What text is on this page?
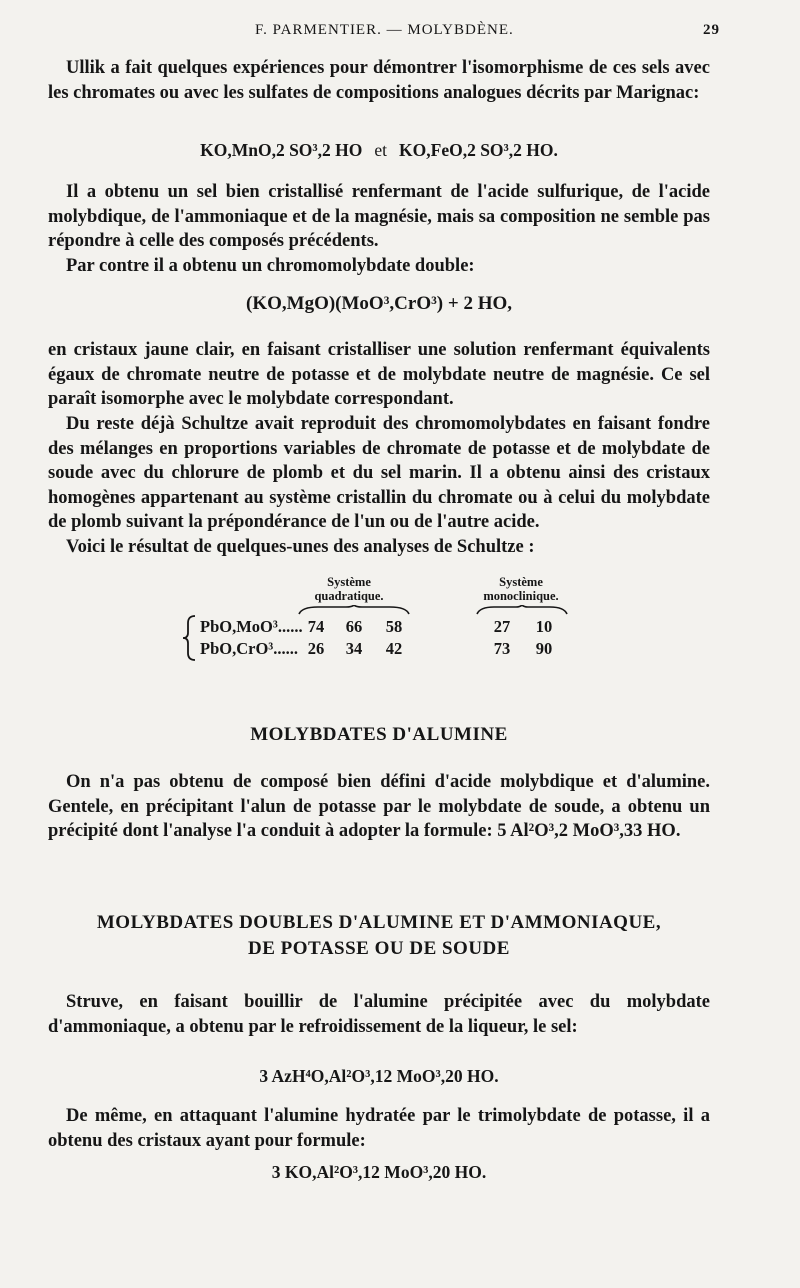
F. PARMENTIER. — MOLYBDÈNE.	29

Ullik a fait quelques expériences pour démontrer l'isomorphisme de ces sels avec les chromates ou avec les sulfates de compositions analogues décrits par Marignac:

KO,MnO,2 SO³,2 HO et KO,FeO,2 SO³,2 HO.

Il a obtenu un sel bien cristallisé renfermant de l'acide sulfurique, de l'acide molybdique, de l'ammoniaque et de la magnésie, mais sa composition ne semble pas répondre à celle des composés précédents.

Par contre il a obtenu un chromomolybdate double:

(KO,MgO)(MoO³,CrO³) + 2 HO,

en cristaux jaune clair, en faisant cristalliser une solution renfermant équivalents égaux de chromate neutre de potasse et de molybdate neutre de magnésie. Ce sel paraît isomorphe avec le molybdate correspondant.

Du reste déjà Schultze avait reproduit des chromomolybdates en faisant fondre des mélanges en proportions variables de chromate de potasse et de molybdate de soude avec du chlorure de plomb et du sel marin. Il a obtenu ainsi des cristaux homogènes appartenant au système cristallin du chromate ou à celui du molybdate de plomb suivant la prépondérance de l'un ou de l'autre acide.

Voici le résultat de quelques-unes des analyses de Schultze :

Système
quadratique.
Système
monoclinique.
PbO,MoO³...... 74	66	58	27	10
PbO,CrO³...... 26	34	42	73	90

MOLYBDATES D'ALUMINE

On n'a pas obtenu de composé bien défini d'acide molybdique et d'alumine. Gentele, en précipitant l'alun de potasse par le molybdate de soude, a obtenu un précipité dont l'analyse l'a conduit à adopter la formule: 5 Al²O³,2 MoO³,33 HO.

MOLYBDATES DOUBLES D'ALUMINE ET D'AMMONIAQUE,

DE POTASSE OU DE SOUDE

Struve, en faisant bouillir de l'alumine précipitée avec du molybdate d'ammoniaque, a obtenu par le refroidissement de la liqueur, le sel:

3 AzH⁴O,Al²O³,12 MoO³,20 HO.

De même, en attaquant l'alumine hydratée par le trimolybdate de potasse, il a obtenu des cristaux ayant pour formule:

3 KO,Al²O³,12 MoO³,20 HO.
